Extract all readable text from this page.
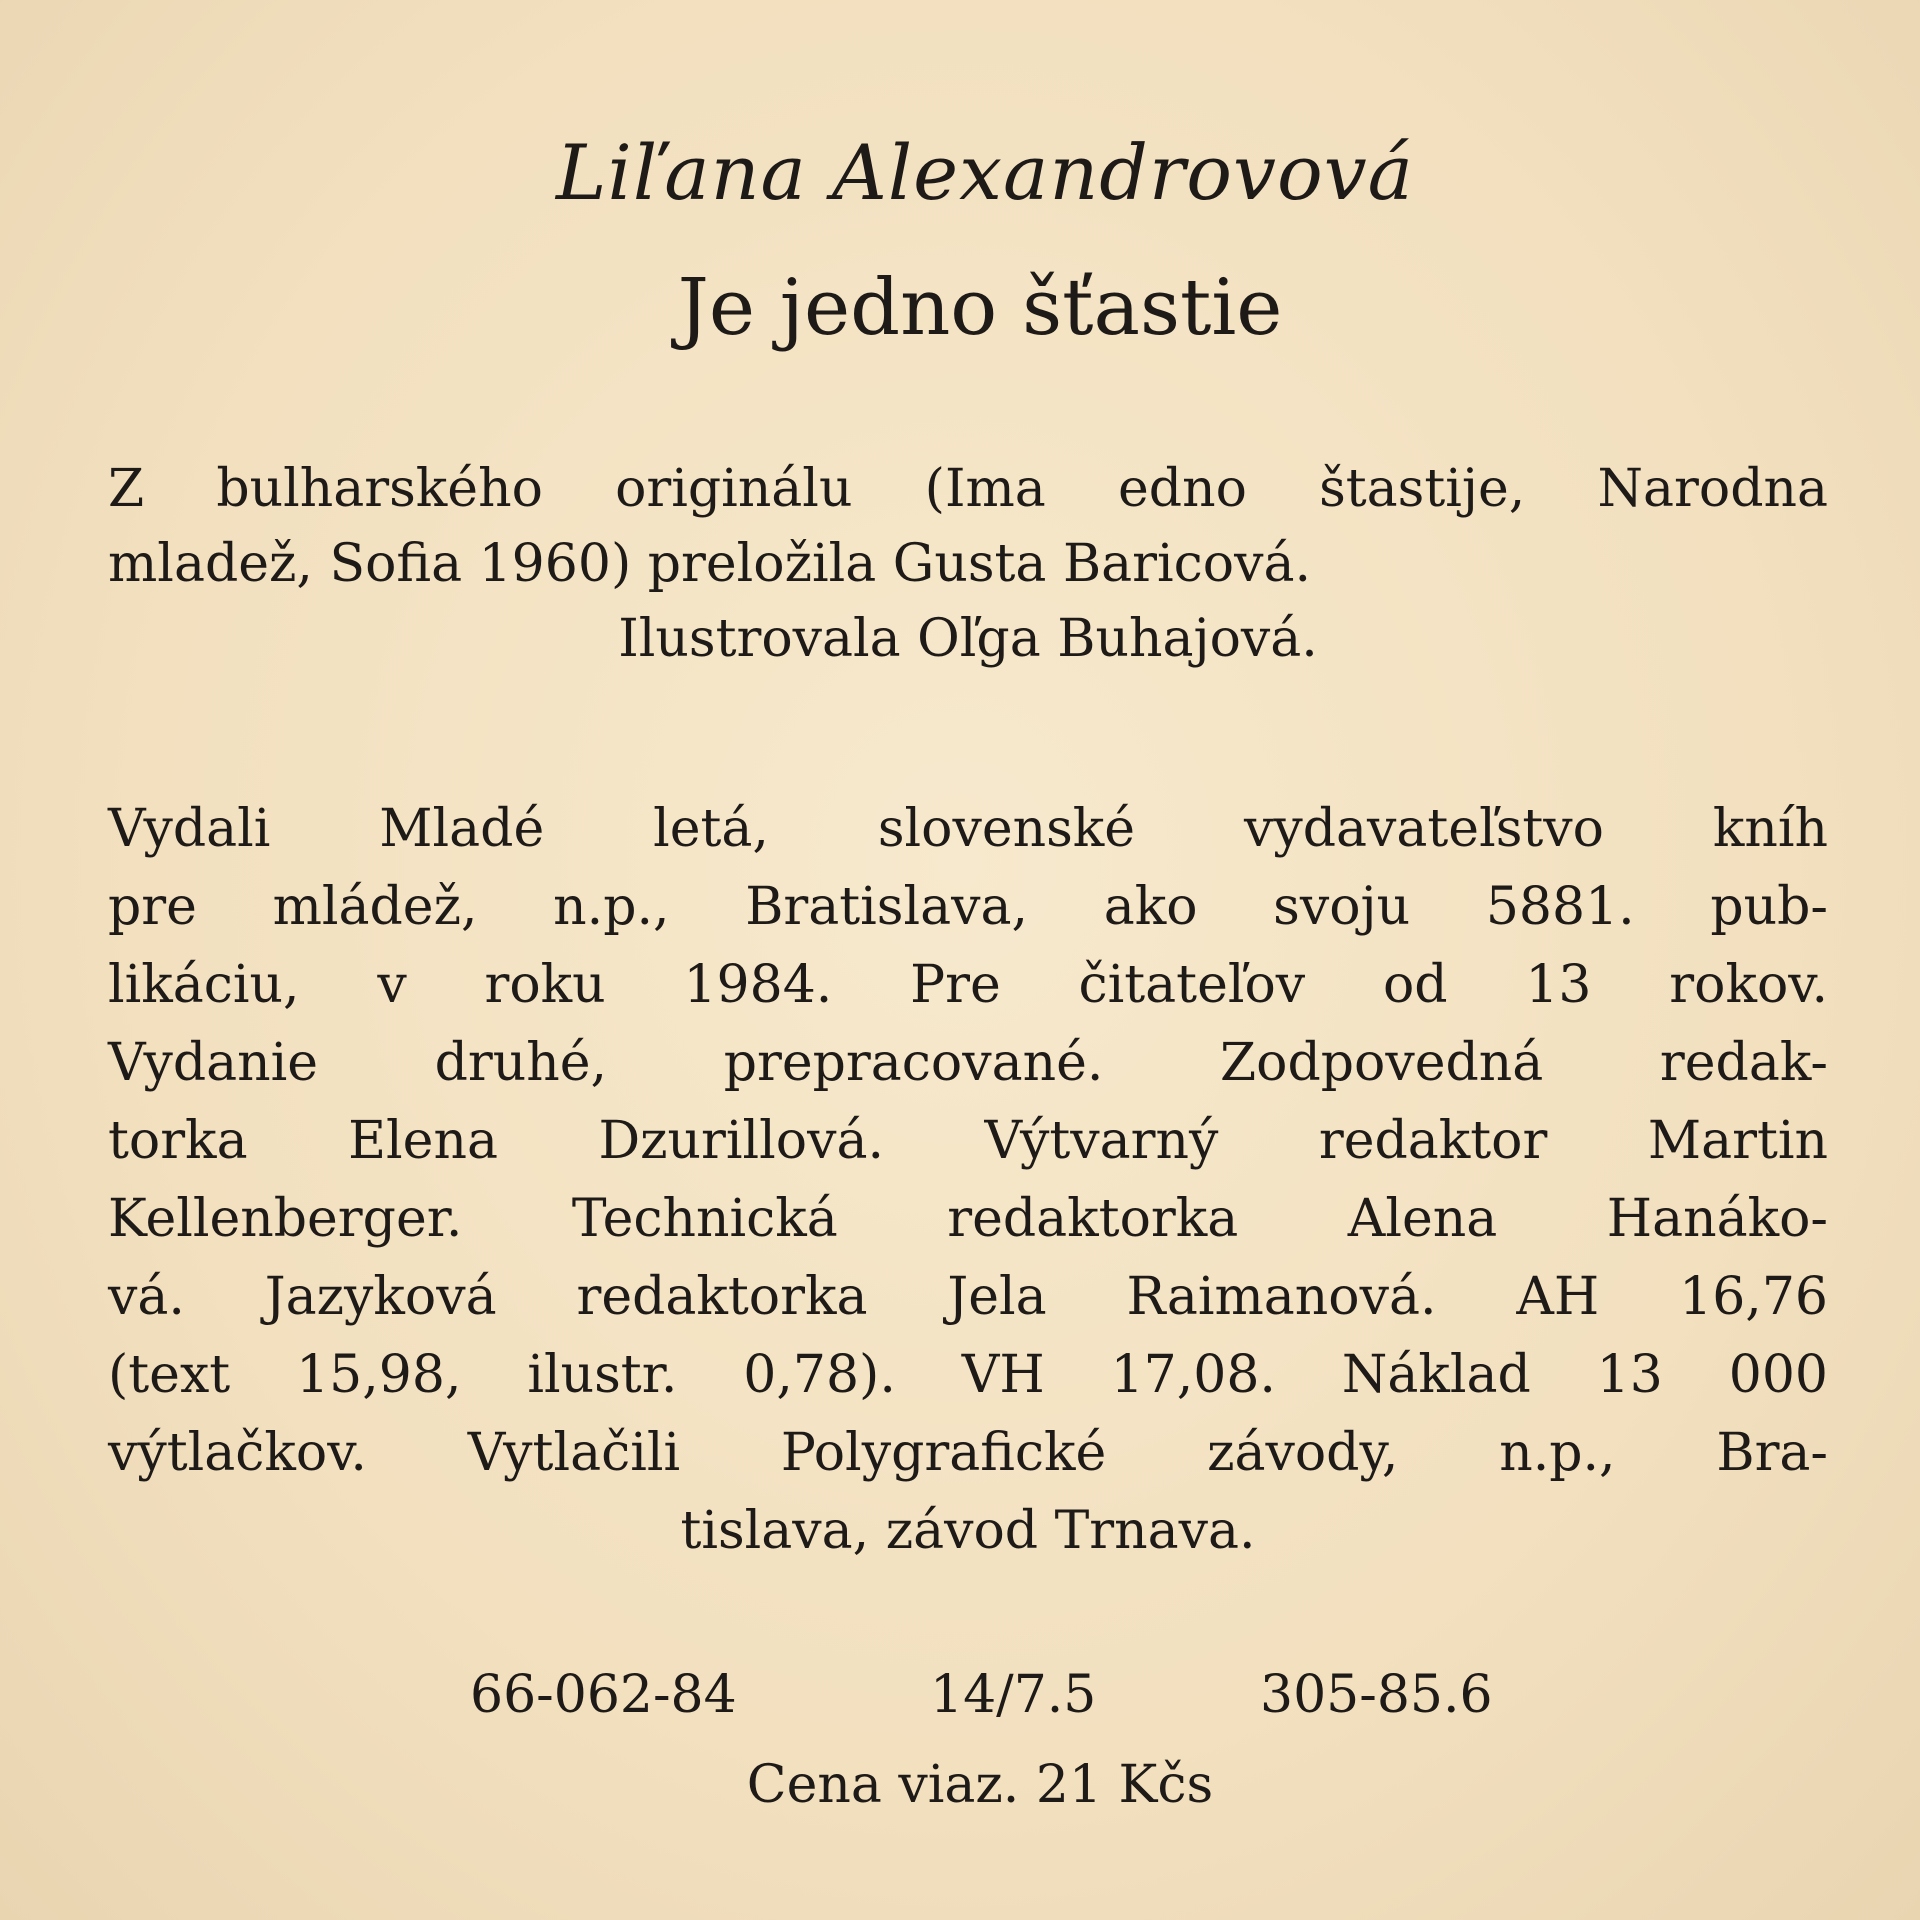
Liľana Alexandrovová
Je jedno šťastie
Z bulharského originálu (Ima edno štastije, Narodna
mladež, Sofia 1960) preložila Gusta Baricová.
Ilustrovala Oľga Buhajová.
Vydali Mladé letá, slovenské vydavateľstvo kníh
pre mládež, n.p., Bratislava, ako svoju 5881. pub-
likáciu, v roku 1984. Pre čitateľov od 13 rokov.
Vydanie druhé, prepracované. Zodpovedná redak-
torka Elena Dzurillová. Výtvarný redaktor Martin
Kellenberger. Technická redaktorka Alena Hanáko-
vá. Jazyková redaktorka Jela Raimanová. AH 16,76
(text 15,98, ilustr. 0,78). VH 17,08. Náklad 13 000
výtlačkov. Vytlačili Polygrafické závody, n.p., Bra-
tislava, závod Trnava.
66-062-84	14/7.5	305-85.6
Cena viaz. 21 Kčs
